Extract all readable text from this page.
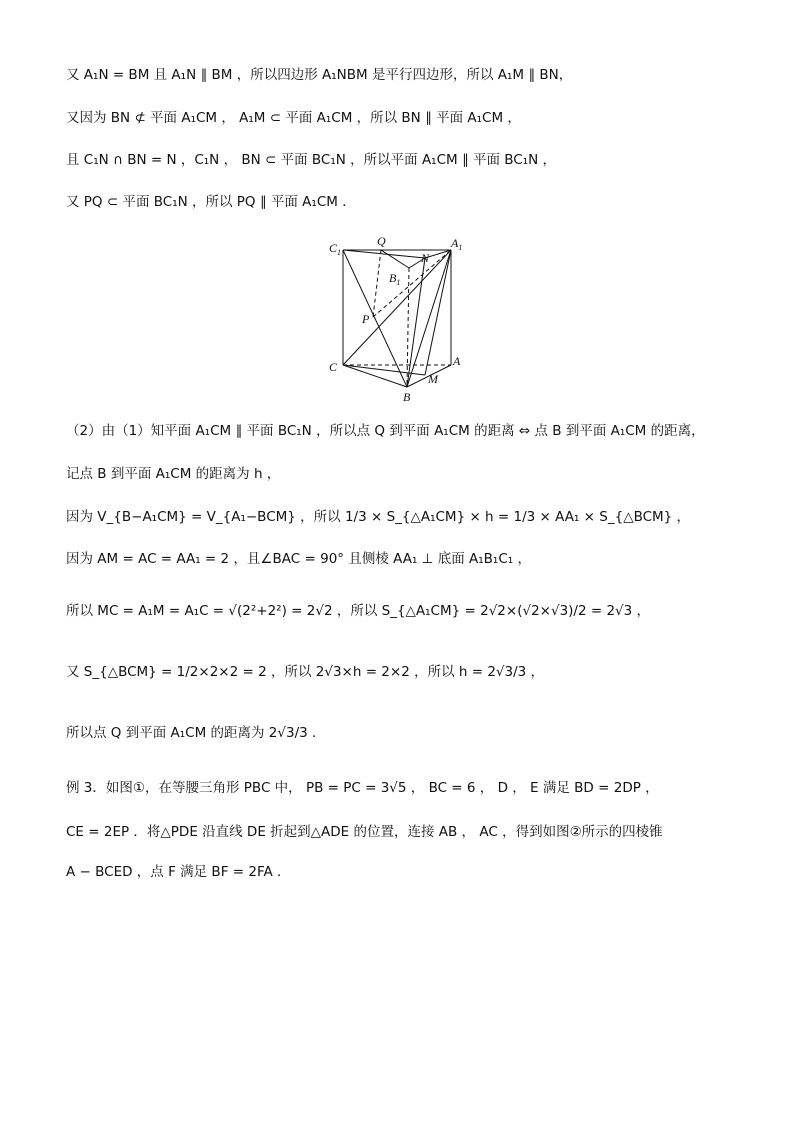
又 A₁N = BM 且 A₁N ∥ BM ，所以四边形 A₁NBM 是平行四边形，所以 A₁M ∥ BN，
又因为 BN ⊄ 平面 A₁CM ， A₁M ⊂ 平面 A₁CM ，所以 BN ∥ 平面 A₁CM ，
且 C₁N ∩ BN = N ，C₁N ， BN ⊂ 平面 BC₁N ，所以平面 A₁CM ∥ 平面 BC₁N ，
又 PQ ⊂ 平面 BC₁N ，所以 PQ ∥ 平面 A₁CM ．
$C_1$
Q	$A_1$
N
$B_1$
P
C	A
M
B
（2）由（1）知平面 A₁CM ∥ 平面 BC₁N ，所以点 Q 到平面 A₁CM 的距离 ⇔ 点 B 到平面 A₁CM 的距离，
记点 B 到平面 A₁CM 的距离为 h ，
因为 V_{B−A₁CM} = V_{A₁−BCM} ，所以 1/3 × S_{△A₁CM} × h = 1/3 × AA₁ × S_{△BCM} ，
因为 AM = AC = AA₁ = 2 ，且∠BAC = 90° 且侧棱 AA₁ ⊥ 底面 A₁B₁C₁ ，
所以 MC = A₁M = A₁C = √(2²+2²) = 2√2 ，所以 S_{△A₁CM} = 2√2×(√2×√3)/2 = 2√3 ，
又 S_{△BCM} = 1/2×2×2 = 2 ，所以 2√3×h = 2×2 ，所以 h = 2√3/3 ，
所以点 Q 到平面 A₁CM 的距离为 2√3/3 ．
例 3．如图①，在等腰三角形 PBC 中， PB = PC = 3√5 ， BC = 6 ， D ， E 满足 BD = 2DP ，
CE = 2EP ．将△PDE 沿直线 DE 折起到△ADE 的位置，连接 AB ， AC ，得到如图②所示的四棱锥
A − BCED ，点 F 满足 BF = 2FA ．
